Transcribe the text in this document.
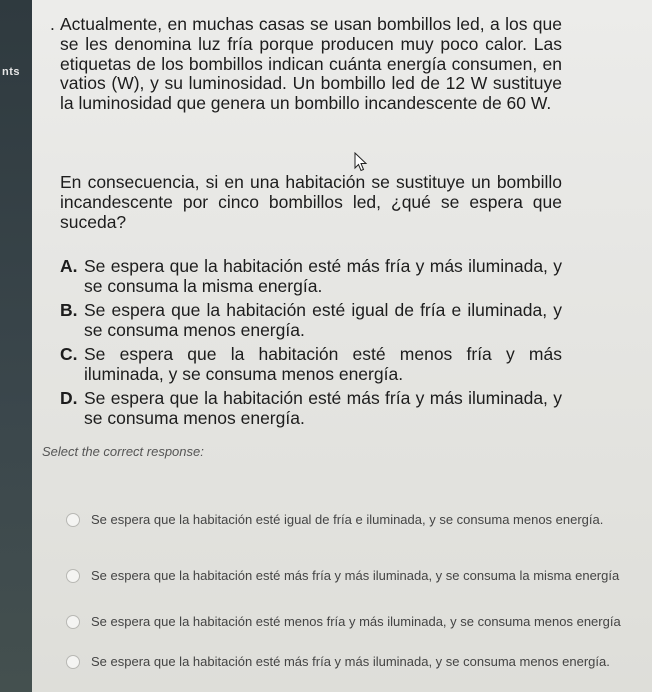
nts

. Actualmente, en muchas casas se usan bombillos led, a los que se les denomina luz fría porque producen muy poco calor. Las etiquetas de los bombillos indican cuánta energía consumen, en vatios (W), y su luminosidad. Un bombillo led de 12 W sustituye la luminosidad que genera un bombillo incandescente de 60 W.

En consecuencia, si en una habitación se sustituye un bombillo incandescente por cinco bombillos led, ¿qué se espera que suceda?

A. Se espera que la habitación esté más fría y más iluminada, y se consuma la misma energía.
B. Se espera que la habitación esté igual de fría e iluminada, y se consuma menos energía.
C. Se espera que la habitación esté menos fría y más iluminada, y se consuma menos energía.
D. Se espera que la habitación esté más fría y más iluminada, y se consuma menos energía.
Select the correct response:
Se espera que la habitación esté igual de fría e iluminada, y se consuma menos energía.
Se espera que la habitación esté más fría y más iluminada, y se consuma la misma energía
Se espera que la habitación esté menos fría y más iluminada, y se consuma menos energía
Se espera que la habitación esté más fría y más iluminada, y se consuma menos energía.
